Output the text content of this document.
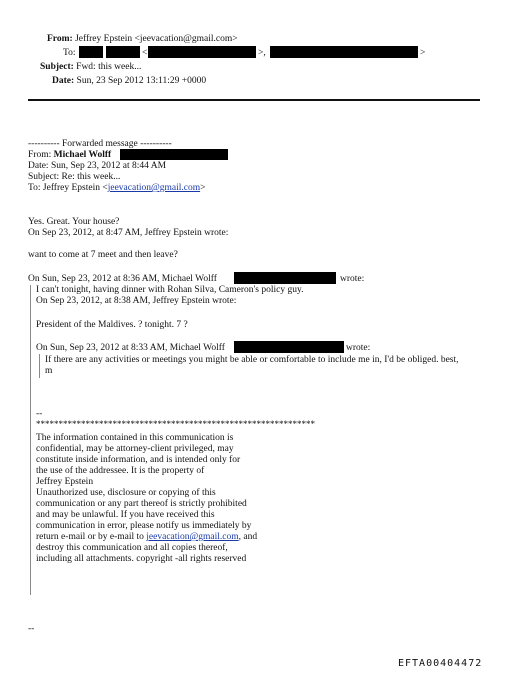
From: Jeffrey Epstein <jeevacation@gmail.com>
To:	<	>,	>
Subject: Fwd: this week...
Date: Sun, 23 Sep 2012 13:11:29 +0000
---------- Forwarded message ----------
From: Michael Wolff
Date: Sun, Sep 23, 2012 at 8:44 AM
Subject: Re: this week...
To: Jeffrey Epstein <jeevacation@gmail.com>
Yes. Great. Your house?
On Sep 23, 2012, at 8:47 AM, Jeffrey Epstein wrote:
want to come at 7 meet and then leave?
On Sun, Sep 23, 2012 at 8:36 AM, Michael Wolff	wrote:
I can't tonight, having dinner with Rohan Silva, Cameron's policy guy.
On Sep 23, 2012, at 8:38 AM, Jeffrey Epstein wrote:
President of the Maldives. ? tonight. 7 ?
On Sun, Sep 23, 2012 at 8:33 AM, Michael Wolff	wrote:
If there are any activities or meetings you might be able or comfortable to include me in, I'd be obliged. best,
m
--
**************************************************************
The information contained in this communication is
confidential, may be attorney-client privileged, may
constitute inside information, and is intended only for
the use of the addressee. It is the property of
Jeffrey Epstein
Unauthorized use, disclosure or copying of this
communication or any part thereof is strictly prohibited
and may be unlawful. If you have received this
communication in error, please notify us immediately by
return e-mail or by e-mail to jeevacation@gmail.com, and
destroy this communication and all copies thereof,
including all attachments. copyright -all rights reserved
--
EFTA00404472
